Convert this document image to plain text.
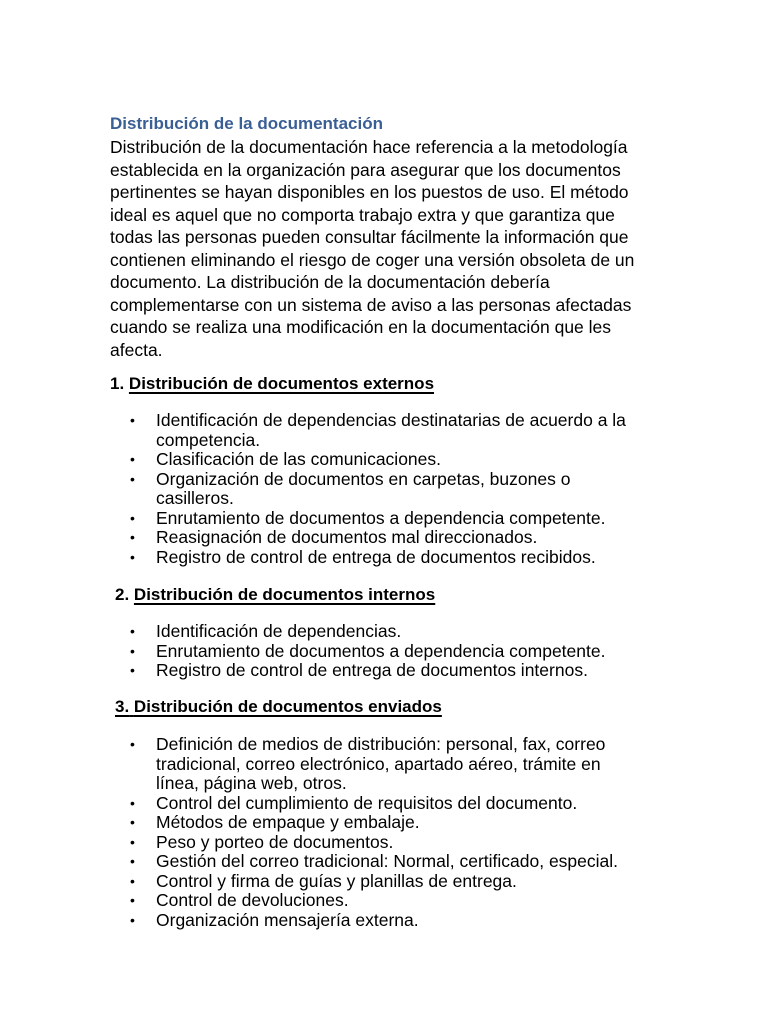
Distribución de la documentación

Distribución de la documentación hace referencia a la metodología
establecida en la organización para asegurar que los documentos
pertinentes se hayan disponibles en los puestos de uso. El método
ideal es aquel que no comporta trabajo extra y que garantiza que
todas las personas pueden consultar fácilmente la información que
contienen eliminando el riesgo de coger una versión obsoleta de un
documento. La distribución de la documentación debería
complementarse con un sistema de aviso a las personas afectadas
cuando se realiza una modificación en la documentación que les
afecta.

1. Distribución de documentos externos
• Identificación de dependencias destinatarias de acuerdo a la
competencia.
• Clasificación de las comunicaciones.
• Organización de documentos en carpetas, buzones o
casilleros.
• Enrutamiento de documentos a dependencia competente.
• Reasignación de documentos mal direccionados.
• Registro de control de entrega de documentos recibidos.
2. Distribución de documentos internos
• Identificación de dependencias.
• Enrutamiento de documentos a dependencia competente.
• Registro de control de entrega de documentos internos.
3. Distribución de documentos enviados
• Definición de medios de distribución: personal, fax, correo
tradicional, correo electrónico, apartado aéreo, trámite en
línea, página web, otros.
• Control del cumplimiento de requisitos del documento.
• Métodos de empaque y embalaje.
• Peso y porteo de documentos.
• Gestión del correo tradicional: Normal, certificado, especial.
• Control y firma de guías y planillas de entrega.
• Control de devoluciones.
• Organización mensajería externa.
